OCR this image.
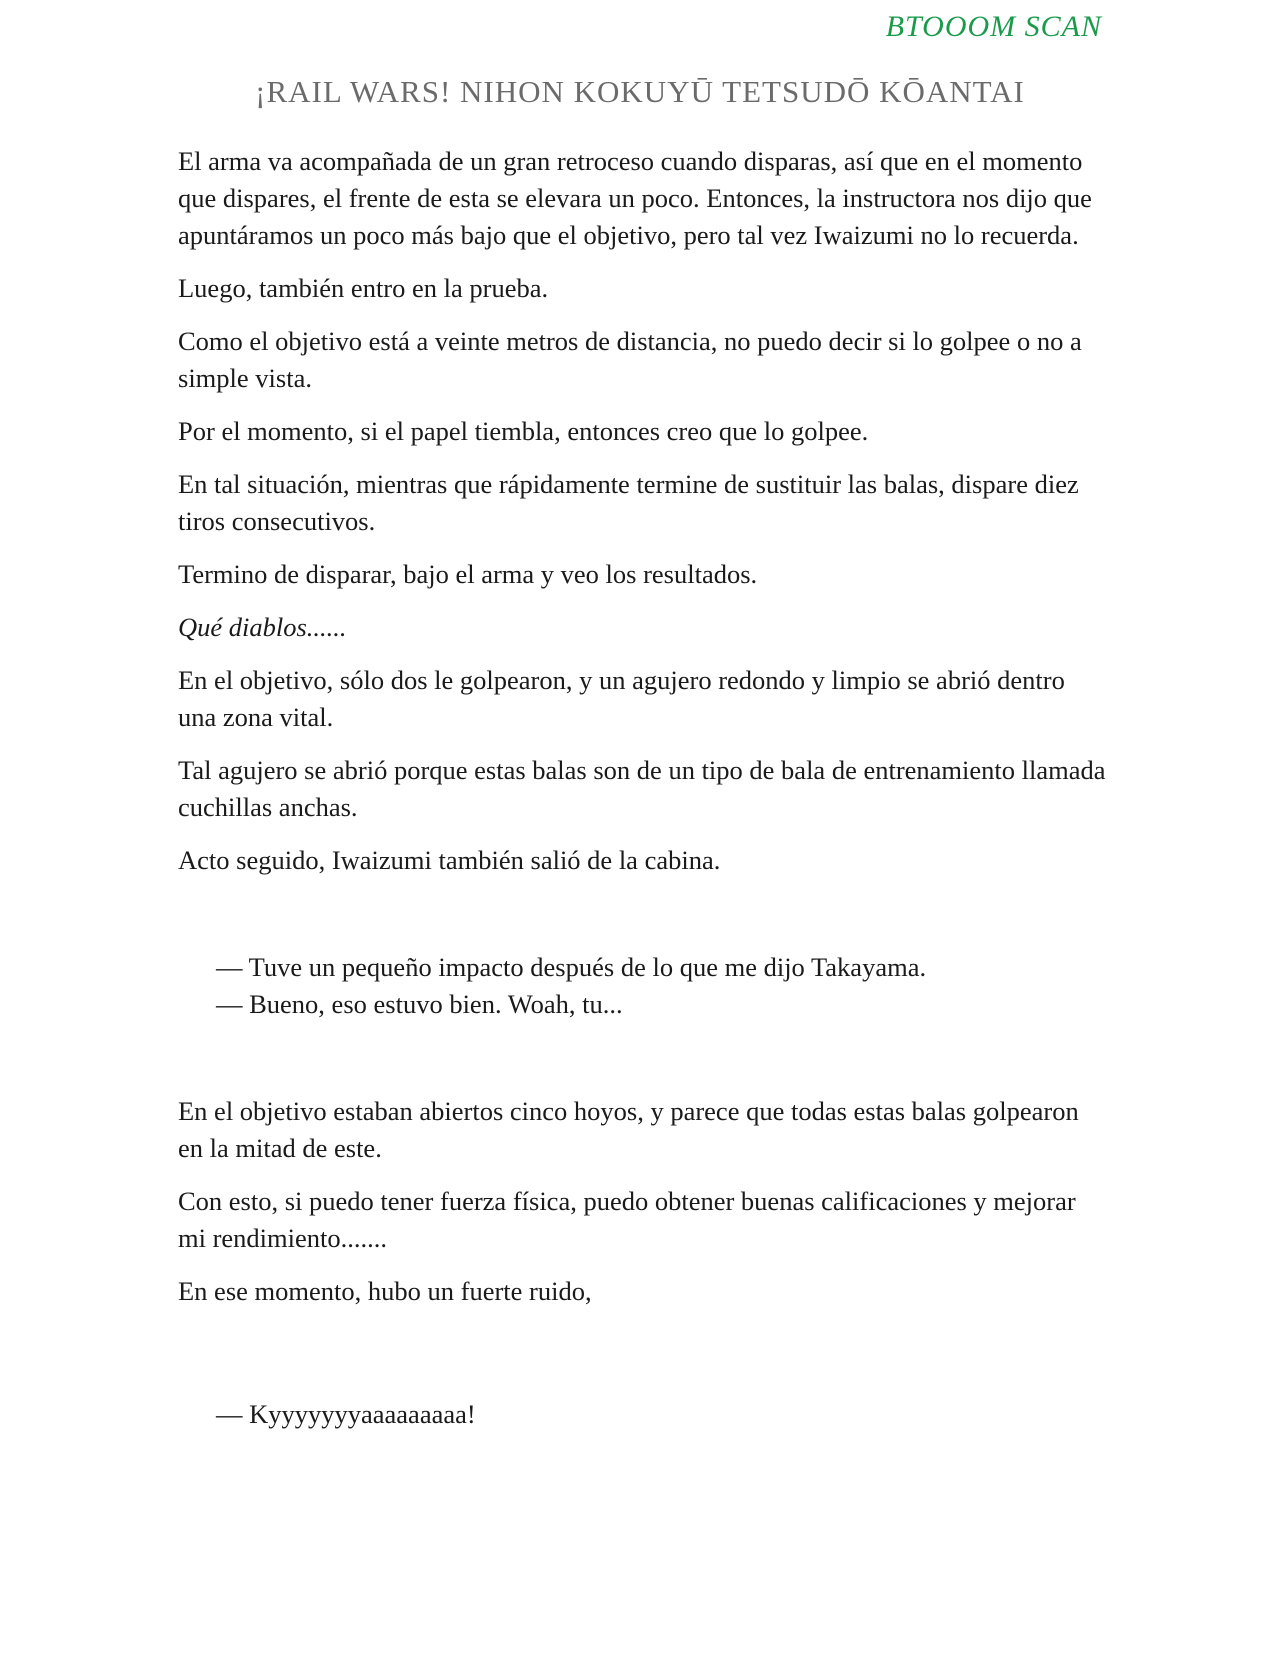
BTOOOM SCAN
¡RAIL WARS! NIHON KOKUYŪ TETSUDŌ KŌANTAI

El arma va acompañada de un gran retroceso cuando disparas, así que en el momento que dispares, el frente de esta se elevara un poco. Entonces, la instructora nos dijo que apuntáramos un poco más bajo que el objetivo, pero tal vez Iwaizumi no lo recuerda.

Luego, también entro en la prueba.

Como el objetivo está a veinte metros de distancia, no puedo decir si lo golpee o no a simple vista.

Por el momento, si el papel tiembla, entonces creo que lo golpee.

En tal situación, mientras que rápidamente termine de sustituir las balas, dispare diez tiros consecutivos.

Termino de disparar, bajo el arma y veo los resultados.

Qué diablos......

En el objetivo, sólo dos le golpearon, y un agujero redondo y limpio se abrió dentro una zona vital.

Tal agujero se abrió porque estas balas son de un tipo de bala de entrenamiento llamada cuchillas anchas.

Acto seguido, Iwaizumi también salió de la cabina.

— Tuve un pequeño impacto después de lo que me dijo Takayama.

— Bueno, eso estuvo bien. Woah, tu...

En el objetivo estaban abiertos cinco hoyos, y parece que todas estas balas golpearon en la mitad de este.

Con esto, si puedo tener fuerza física, puedo obtener buenas calificaciones y mejorar mi rendimiento.......

En ese momento, hubo un fuerte ruido,

— Kyyyyyyyaaaaaaaaa!
